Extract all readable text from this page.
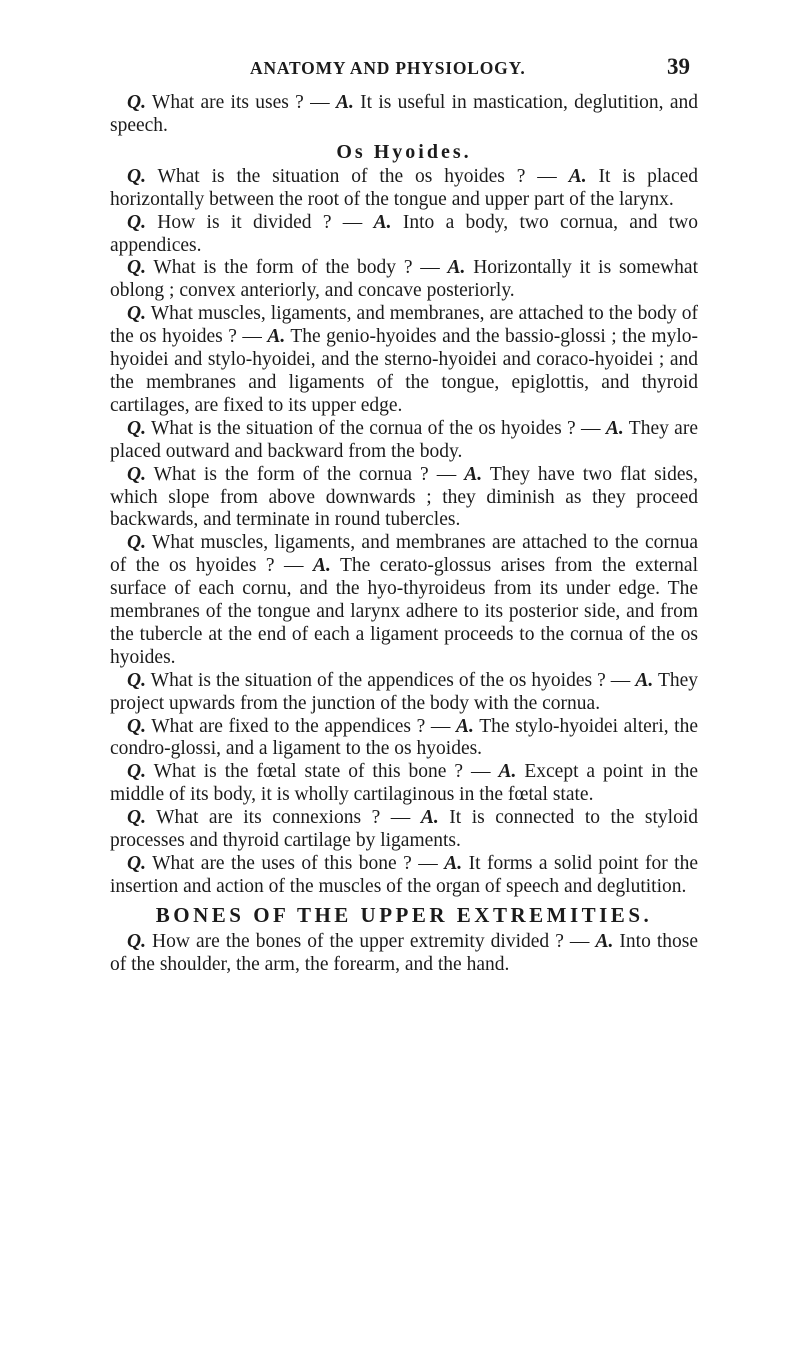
ANATOMY AND PHYSIOLOGY.	39

Q. What are its uses ? — A. It is useful in mastication, deglutition, and speech.

Os Hyoides.

Q. What is the situation of the os hyoides ? — A. It is placed horizontally between the root of the tongue and upper part of the larynx.

Q. How is it divided ? — A. Into a body, two cornua, and two appendices.

Q. What is the form of the body ? — A. Horizontally it is somewhat oblong ; convex anteriorly, and concave posteriorly.

Q. What muscles, ligaments, and membranes, are attached to the body of the os hyoides ? — A. The genio-hyoides and the bassio-glossi ; the mylo-hyoidei and stylo-hyoidei, and the sterno-hyoidei and coraco-hyoidei ; and the membranes and ligaments of the tongue, epiglottis, and thyroid cartilages, are fixed to its upper edge.

Q. What is the situation of the cornua of the os hyoides ? — A. They are placed outward and backward from the body.

Q. What is the form of the cornua ? — A. They have two flat sides, which slope from above downwards ; they diminish as they proceed backwards, and terminate in round tubercles.

Q. What muscles, ligaments, and membranes are attached to the cornua of the os hyoides ? — A. The cerato-glossus arises from the external surface of each cornu, and the hyo-thyroideus from its under edge. The membranes of the tongue and larynx adhere to its posterior side, and from the tubercle at the end of each a ligament proceeds to the cornua of the os hyoides.

Q. What is the situation of the appendices of the os hyoides ? — A. They project upwards from the junction of the body with the cornua.

Q. What are fixed to the appendices ? — A. The stylo-hyoidei alteri, the condro-glossi, and a ligament to the os hyoides.

Q. What is the fœtal state of this bone ? — A. Except a point in the middle of its body, it is wholly cartilaginous in the fœtal state.

Q. What are its connexions ? — A. It is connected to the styloid processes and thyroid cartilage by ligaments.

Q. What are the uses of this bone ? — A. It forms a solid point for the insertion and action of the muscles of the organ of speech and deglutition.

BONES OF THE UPPER EXTREMITIES.

Q. How are the bones of the upper extremity divided ? — A. Into those of the shoulder, the arm, the forearm, and the hand.
